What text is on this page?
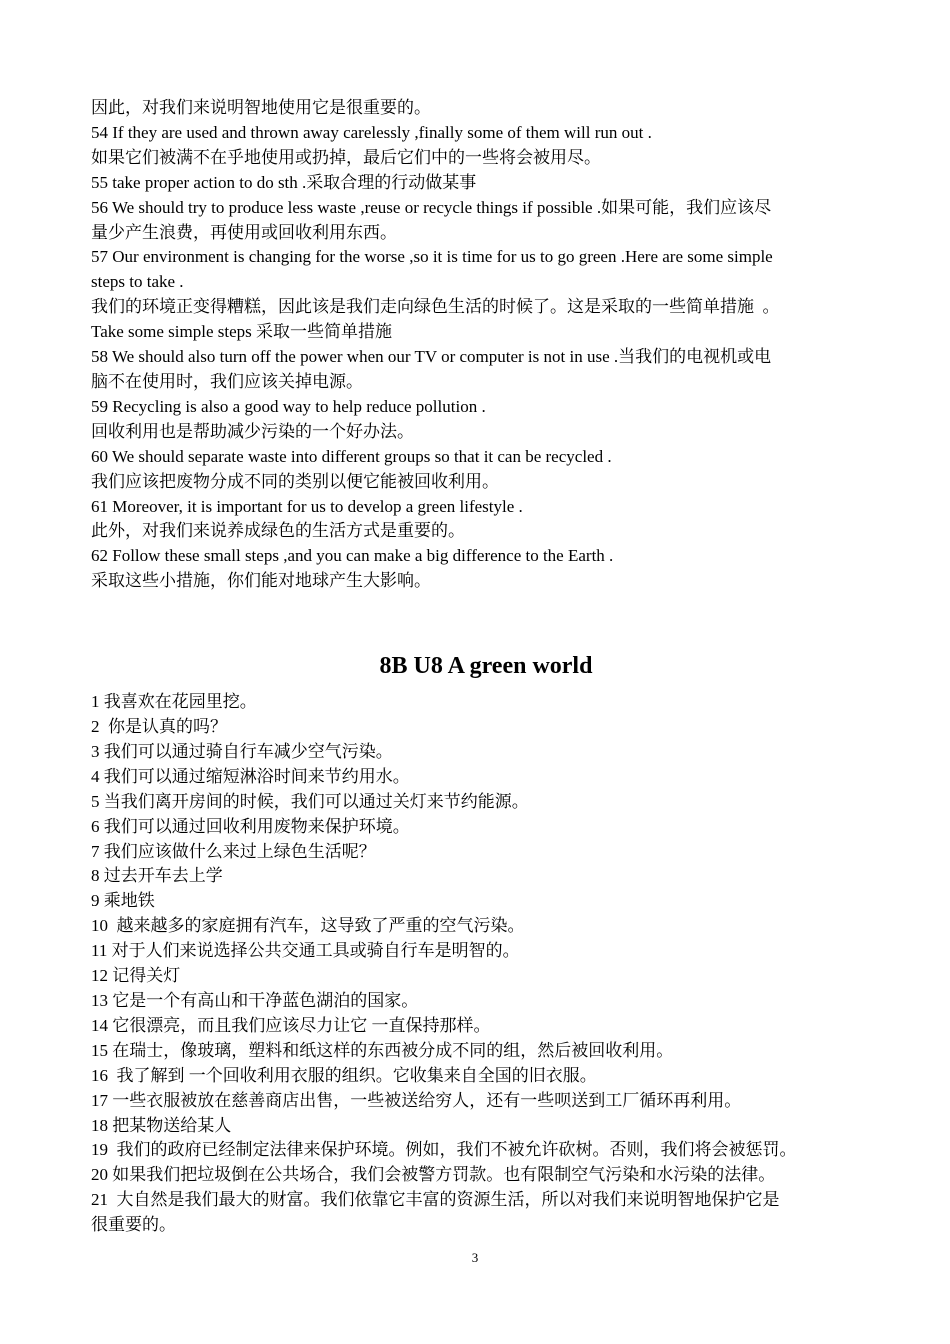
因此，对我们来说明智地使用它是很重要的。

54 If they are used and thrown away carelessly ,finally some of them will run out .

如果它们被满不在乎地使用或扔掉，最后它们中的一些将会被用尽。

55 take proper action to do sth .采取合理的行动做某事

56 We should try to produce less waste ,reuse or recycle things if possible .如果可能，我们应该尽

量少产生浪费，再使用或回收利用东西。

57 Our environment is changing for the worse ,so it is time for us to go green .Here are some simple

steps to take .

我们的环境正变得糟糕，因此该是我们走向绿色生活的时候了。这是采取的一些简单措施  。

Take some simple steps 采取一些简单措施

58 We should also turn off the power when our TV or computer is not in use .当我们的电视机或电

脑不在使用时，我们应该关掉电源。

59 Recycling is also a good way to help reduce pollution .

回收利用也是帮助减少污染的一个好办法。

60 We should separate waste into different groups so that it can be recycled .

我们应该把废物分成不同的类别以便它能被回收利用。

61 Moreover, it is important for us to develop a green lifestyle .

此外，对我们来说养成绿色的生活方式是重要的。

62 Follow these small steps ,and you can make a big difference to the Earth .

采取这些小措施，你们能对地球产生大影响。

8B U8 A green world

1 我喜欢在花园里挖。

2  你是认真的吗？

3 我们可以通过骑自行车减少空气污染。

4 我们可以通过缩短淋浴时间来节约用水。

5 当我们离开房间的时候，我们可以通过关灯来节约能源。

6 我们可以通过回收利用废物来保护环境。

7 我们应该做什么来过上绿色生活呢？

8 过去开车去上学

9 乘地铁

10  越来越多的家庭拥有汽车，这导致了严重的空气污染。

11 对于人们来说选择公共交通工具或骑自行车是明智的。

12 记得关灯

13 它是一个有高山和干净蓝色湖泊的国家。

14 它很漂亮，而且我们应该尽力让它 一直保持那样。

15 在瑞士，像玻璃，塑料和纸这样的东西被分成不同的组，然后被回收利用。

16  我了解到 一个回收利用衣服的组织。它收集来自全国的旧衣服。

17 一些衣服被放在慈善商店出售，一些被送给穷人，还有一些呗送到工厂循环再利用。

18 把某物送给某人

19  我们的政府已经制定法律来保护环境。例如，我们不被允许砍树。否则，我们将会被惩罚。

20 如果我们把垃圾倒在公共场合，我们会被警方罚款。也有限制空气污染和水污染的法律。

21  大自然是我们最大的财富。我们依靠它丰富的资源生活，所以对我们来说明智地保护它是

很重要的。

3
